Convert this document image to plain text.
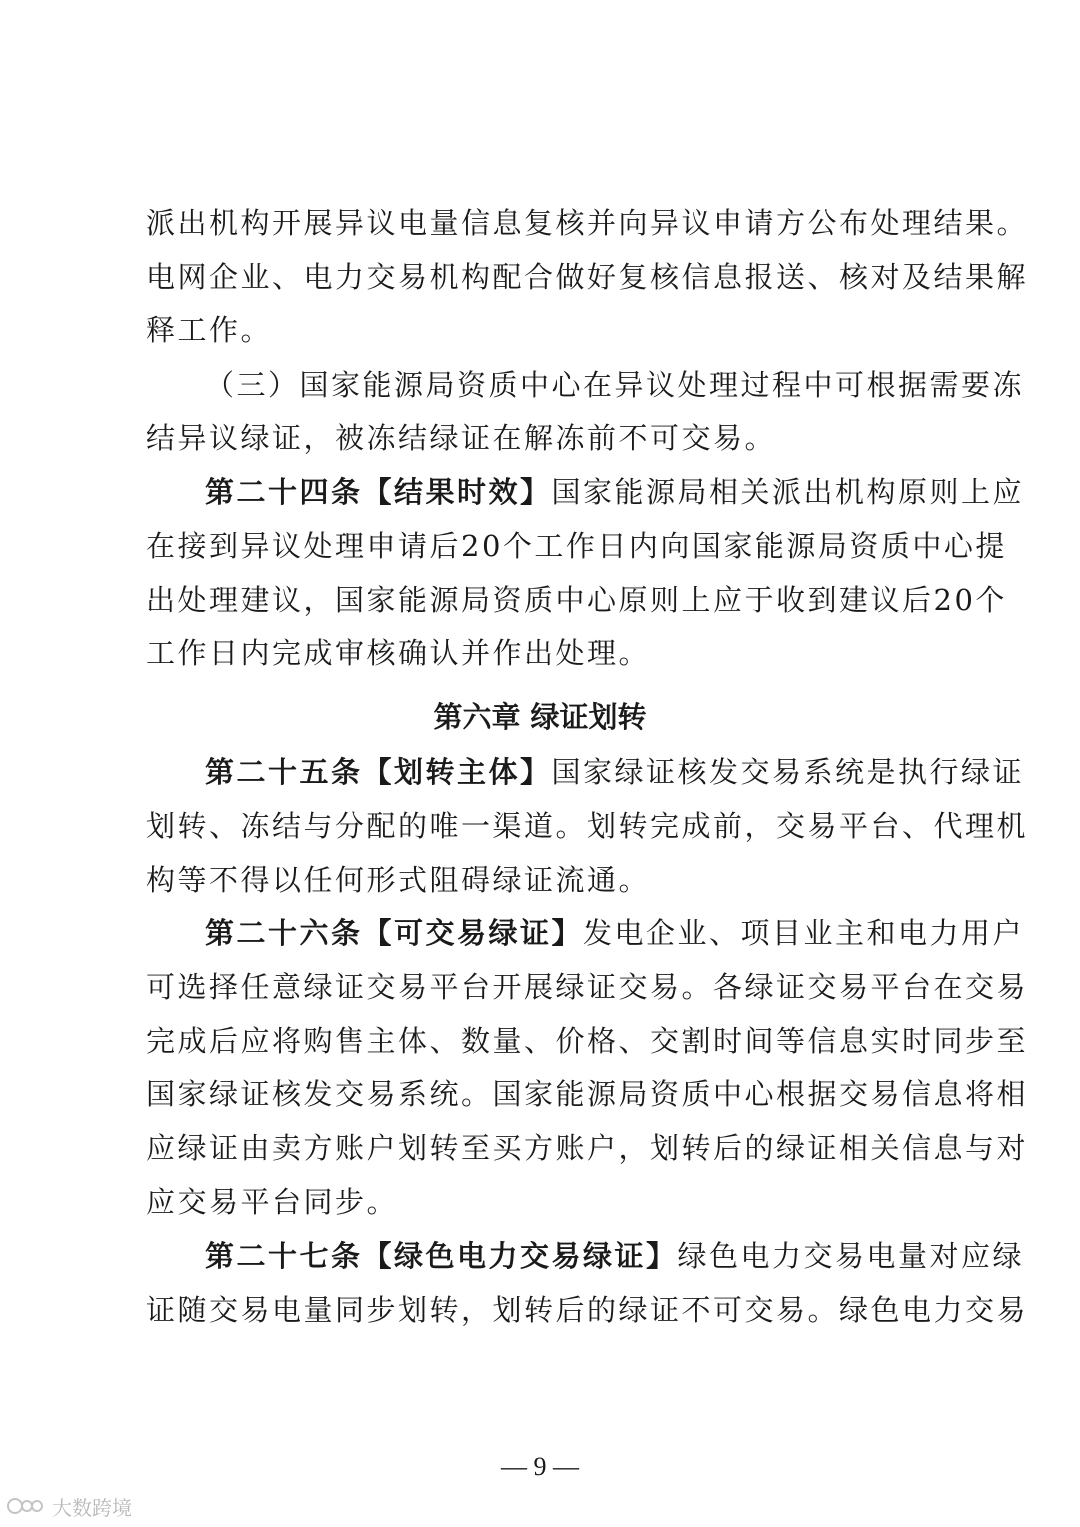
派出机构开展异议电量信息复核并向异议申请方公布处理结果。
电网企业、电力交易机构配合做好复核信息报送、核对及结果解
释工作。
（三）国家能源局资质中心在异议处理过程中可根据需要冻
结异议绿证，被冻结绿证在解冻前不可交易。
第二十四条【结果时效】国家能源局相关派出机构原则上应
在接到异议处理申请后20个工作日内向国家能源局资质中心提
出处理建议，国家能源局资质中心原则上应于收到建议后20个
工作日内完成审核确认并作出处理。
第六章 绿证划转
第二十五条【划转主体】国家绿证核发交易系统是执行绿证
划转、冻结与分配的唯一渠道。划转完成前，交易平台、代理机
构等不得以任何形式阻碍绿证流通。
第二十六条【可交易绿证】发电企业、项目业主和电力用户
可选择任意绿证交易平台开展绿证交易。各绿证交易平台在交易
完成后应将购售主体、数量、价格、交割时间等信息实时同步至
国家绿证核发交易系统。国家能源局资质中心根据交易信息将相
应绿证由卖方账户划转至买方账户，划转后的绿证相关信息与对
应交易平台同步。
第二十七条【绿色电力交易绿证】绿色电力交易电量对应绿
证随交易电量同步划转，划转后的绿证不可交易。绿色电力交易
— 9 —
大数跨境
